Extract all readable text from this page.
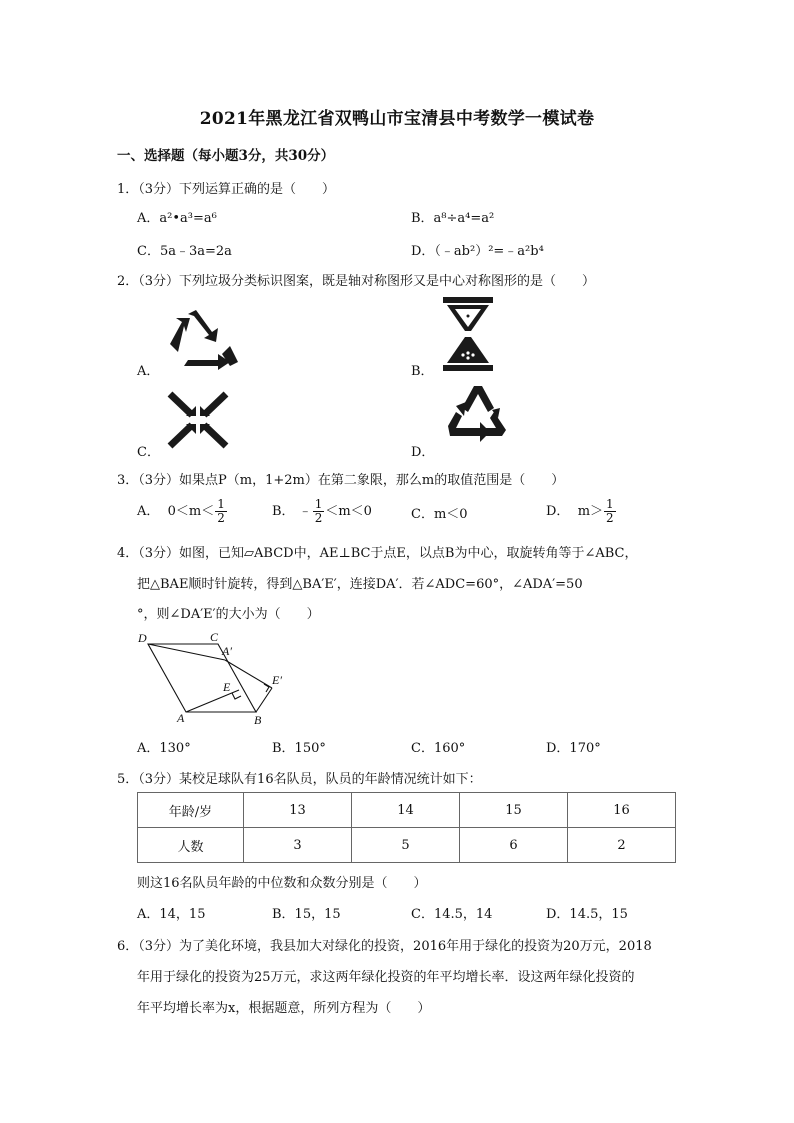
2021年黑龙江省双鸭山市宝清县中考数学一模试卷
一、选择题（每小题3分，共30分）
1．（3分）下列运算正确的是（　　）
A．a²•a³=a⁶	B．a⁸÷a⁴=a²
C．5a﹣3a=2a	D．（﹣ab²）²=﹣a²b⁴
2．（3分）下列垃圾分类标识图案，既是轴对称图形又是中心对称图形的是（　　）
A．	B．
C．	D．
3．（3分）如果点P（m，1+2m）在第二象限，那么m的取值范围是（　　）
A． $0<m< \frac{1}{2}$	B． ﹣ $\frac{1}{2} <m<0$	C．m＜0	D． $m> \frac{1}{2}$
4．（3分）如图，已知▱ABCD中，AE⊥BC于点E，以点B为中心，取旋转角等于∠ABC，
把△BAE顺时针旋转，得到△BA′E′，连接DA′．若∠ADC=60°，∠ADA′=50
°，则∠DA′E′的大小为（　　）
D	C
A′
E′
E
A	B
A．130°	B．150°	C．160°	D．170°
5．（3分）某校足球队有16名队员，队员的年龄情况统计如下：
年龄/岁	13	14	15	16
人数	3	5	6	2
则这16名队员年龄的中位数和众数分别是（　　）
A．14，15	B．15，15	C．14.5，14	D．14.5，15
6．（3分）为了美化环境，我县加大对绿化的投资，2016年用于绿化的投资为20万元，2018
年用于绿化的投资为25万元，求这两年绿化投资的年平均增长率．设这两年绿化投资的
年平均增长率为x，根据题意，所列方程为（　　）
